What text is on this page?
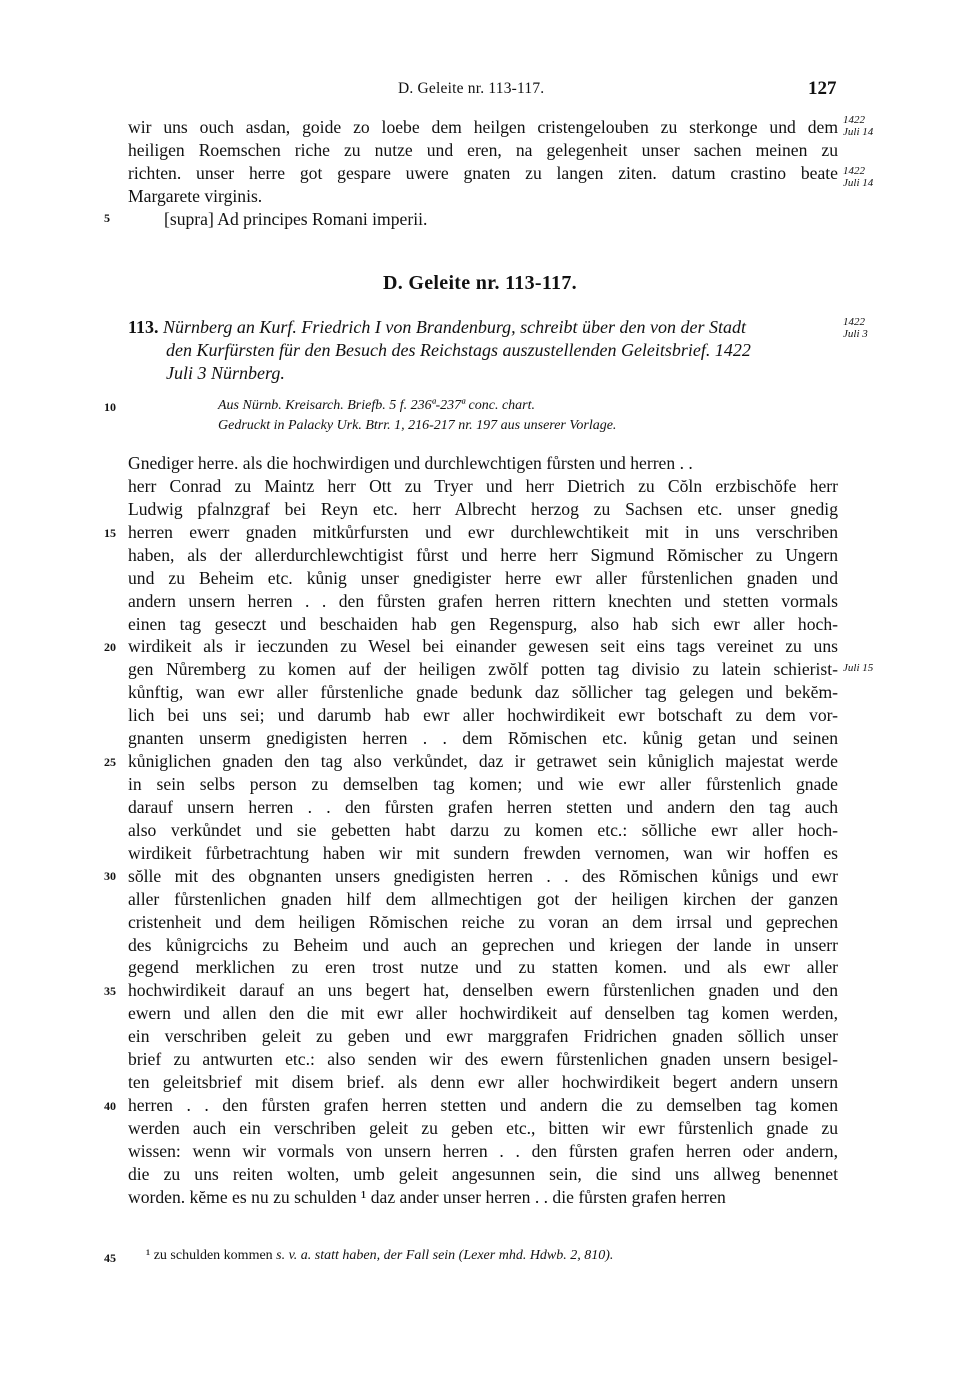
D. Geleite nr. 113-117.	127
wir uns ouch asdan, goide zo loebe dem heilgen cristengelouben zu sterkonge und dem
heiligen Roemschen riche zu nutze und eren, na gelegenheit unser sachen meinen zu
richten. unser herre got gespare uwere gnaten zu langen ziten. datum crastino beate
Margarete virginis.
[supra] Ad principes Romani imperii.
1422
Juli 14
1422
Juli 14
D. Geleite nr. 113-117.
113. Nürnberg an Kurf. Friedrich I von Brandenburg, schreibt über den von der Stadt
den Kurfürsten für den Besuch des Reichstags auszustellenden Geleitsbrief. 1422
Juli 3 Nürnberg.
1422
Juli 3
Aus Nürnb. Kreisarch. Briefb. 5 f. 236ª-237ª conc. chart.
Gedruckt in Palacky Urk. Btrr. 1, 216-217 nr. 197 aus unserer Vorlage.
Gnediger herre. als die hochwirdigen und durchlewchtigen fůrsten und herren . .
herr Conrad zu Maintz herr Ott zu Tryer und herr Dietrich zu Cŏln erzbischŏfe herr
Ludwig pfalnzgraf bei Reyn etc. herr Albrecht herzog zu Sachsen etc. unser gnedig
herren ewerr gnaden mitkůrfursten und ewr durchlewchtikeit mit in uns verschriben
haben, als der allerdurchlewchtigist fůrst und herre herr Sigmund Rŏmischer zu Ungern
und zu Beheim etc. kůnig unser gnedigister herre ewr aller fůrstenlichen gnaden und
andern unsern herren . . den fůrsten grafen herren rittern knechten und stetten vormals
einen tag geseczt und beschaiden hab gen Regenspurg, also hab sich ewr aller hoch-
wirdikeit als ir ieczunden zu Wesel bei einander gewesen seit eins tags vereinet zu uns
gen Nůremberg zu komen auf der heiligen zwŏlf potten tag divisio zu latein schierist-
kůnftig, wan ewr aller fůrstenliche gnade bedunk daz sŏllicher tag gelegen und bekĕm-
lich bei uns sei; und darumb hab ewr aller hochwirdikeit ewr botschaft zu dem vor-
gnanten unserm gnedigisten herren . . dem Rŏmischen etc. kůnig getan und seinen
kůniglichen gnaden den tag also verkůndet, daz ir getrawet sein kůniglich majestat werde
in sein selbs person zu demselben tag komen; und wie ewr aller fůrstenlich gnade
darauf unsern herren . . den fůrsten grafen herren stetten und andern den tag auch
also verkůndet und sie gebetten habt darzu zu komen etc.: sŏlliche ewr aller hoch-
wirdikeit fůrbetrachtung haben wir mit sundern frewden vernomen, wan wir hoffen es
sŏlle mit des obgnanten unsers gnedigisten herren . . des Rŏmischen kůnigs und ewr
aller fůrstenlichen gnaden hilf dem allmechtigen got der heiligen kirchen der ganzen
cristenheit und dem heiligen Rŏmischen reiche zu voran an dem irrsal und geprechen
des kůnigrcichs zu Beheim und auch an geprechen und kriegen der lande in unserr
gegend merklichen zu eren trost nutze und zu statten komen. und als ewr aller
hochwirdikeit darauf an uns begert hat, denselben ewern fůrstenlichen gnaden und den
ewern und allen den die mit ewr aller hochwirdikeit auf denselben tag komen werden,
ein verschriben geleit zu geben und ewr marggrafen Fridrichen gnaden sŏllich unser
brief zu antwurten etc.: also senden wir des ewern fůrstenlichen gnaden unsern besigel-
ten geleitsbrief mit disem brief. als denn ewr aller hochwirdikeit begert andern unsern
herren . . den fůrsten grafen herren stetten und andern die zu demselben tag komen
werden auch ein verschriben geleit zu geben etc., bitten wir ewr fůrstenlich gnade zu
wissen: wenn wir vormals von unsern herren . . den fůrsten grafen herren oder andern,
die zu uns reiten wolten, umb geleit angesunnen sein, die sind uns allweg benennet
worden. kĕme es nu zu schulden ¹ daz ander unser herren . . die fůrsten grafen herren
Juli 15
5
10
15
20
25
30
35
40
45	¹ zu schulden kommen s. v. a. statt haben, der Fall sein (Lexer mhd. Hdwb. 2, 810).
